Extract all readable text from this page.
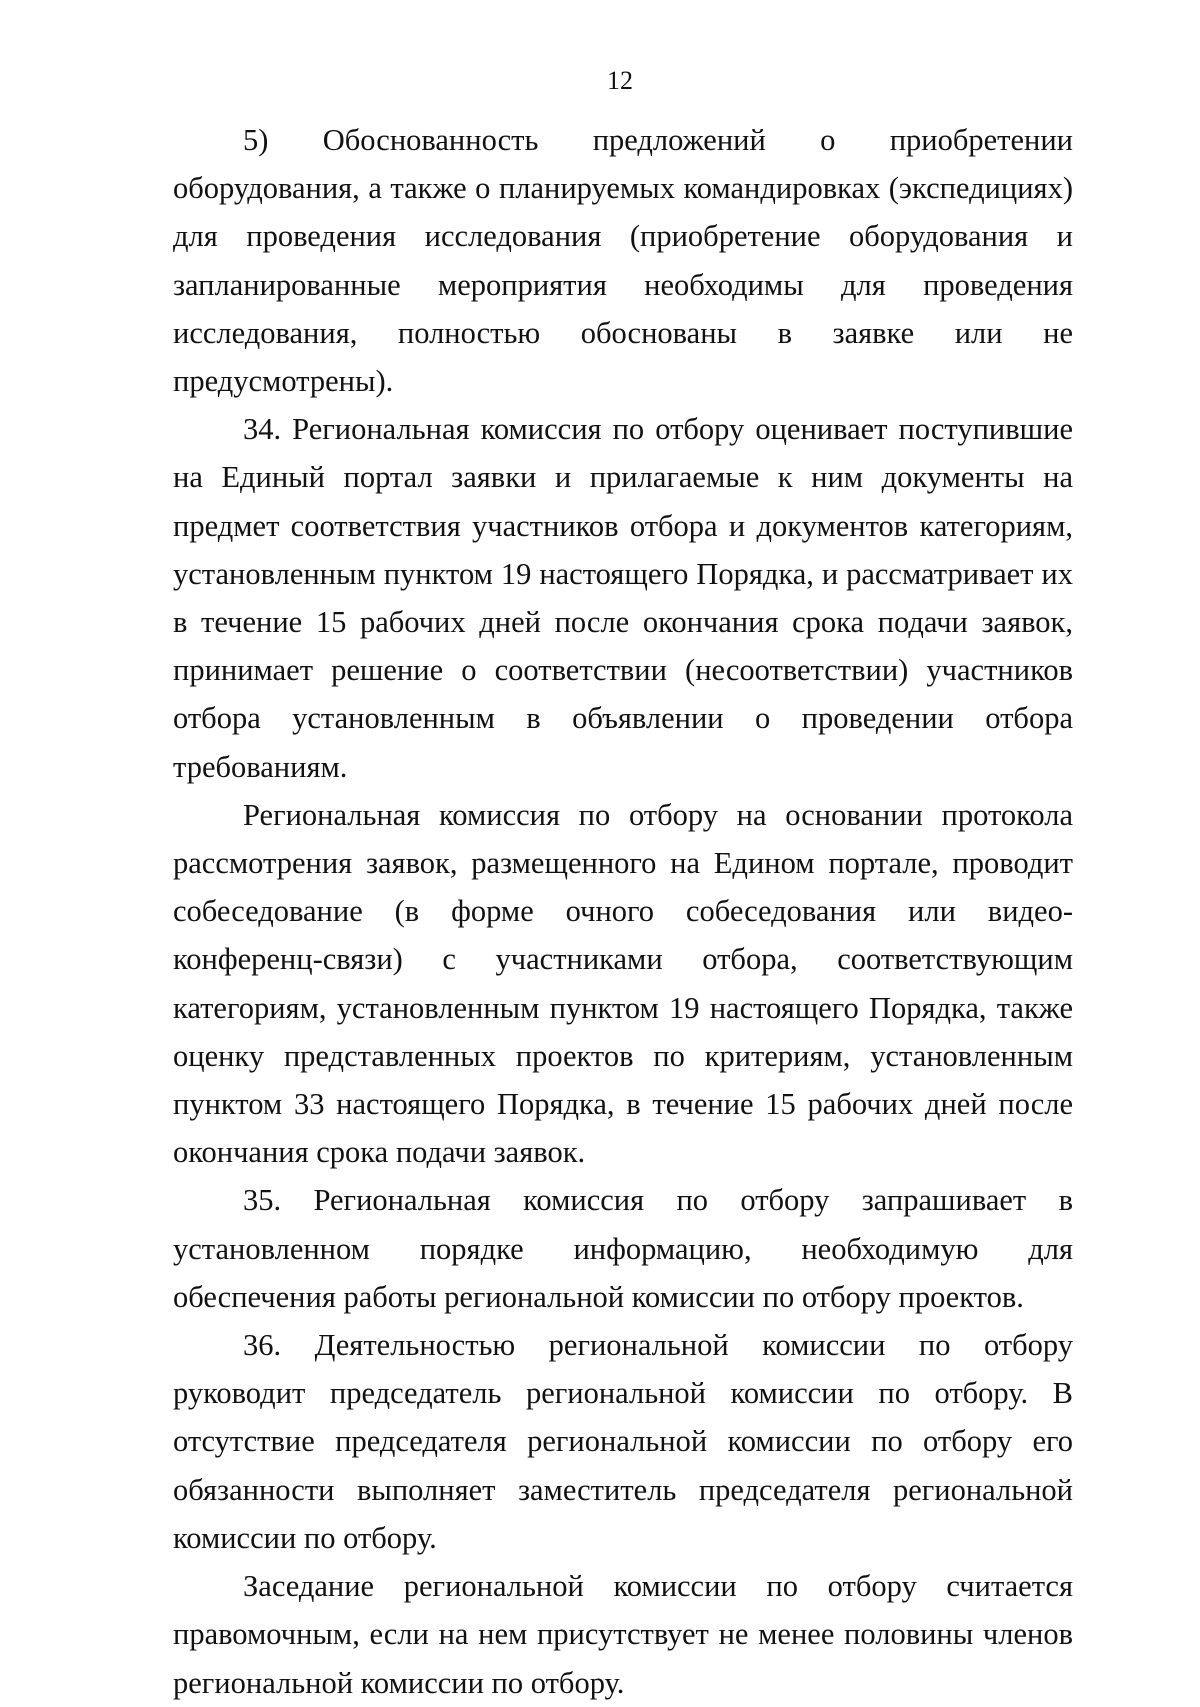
12

5) Обоснованность предложений о приобретении оборудования, а также о планируемых командировках (экспедициях) для проведения исследования (приобретение оборудования и запланированные мероприятия необходимы для проведения исследования, полностью обоснованы в заявке или не предусмотрены).

34. Региональная комиссия по отбору оценивает поступившие на Единый портал заявки и прилагаемые к ним документы на предмет соответствия участников отбора и документов категориям, установленным пунктом 19 настоящего Порядка, и рассматривает их в течение 15 рабочих дней после окончания срока подачи заявок, принимает решение о соответствии (несоответствии) участников отбора установленным в объявлении о проведении отбора требованиям.

Региональная комиссия по отбору на основании протокола рассмотрения заявок, размещенного на Едином портале, проводит собеседование (в форме очного собеседования или видео-конференц-связи) с участниками отбора, соответствующим категориям, установленным пунктом 19 настоящего Порядка, также оценку представленных проектов по критериям, установленным пунктом 33 настоящего Порядка, в течение 15 рабочих дней после окончания срока подачи заявок.

35. Региональная комиссия по отбору запрашивает в установленном порядке информацию, необходимую для обеспечения работы региональной комиссии по отбору проектов.

36. Деятельностью региональной комиссии по отбору руководит председатель региональной комиссии по отбору. В отсутствие председателя региональной комиссии по отбору его обязанности выполняет заместитель председателя региональной комиссии по отбору.

Заседание региональной комиссии по отбору считается правомочным, если на нем присутствует не менее половины членов региональной комиссии по отбору.
